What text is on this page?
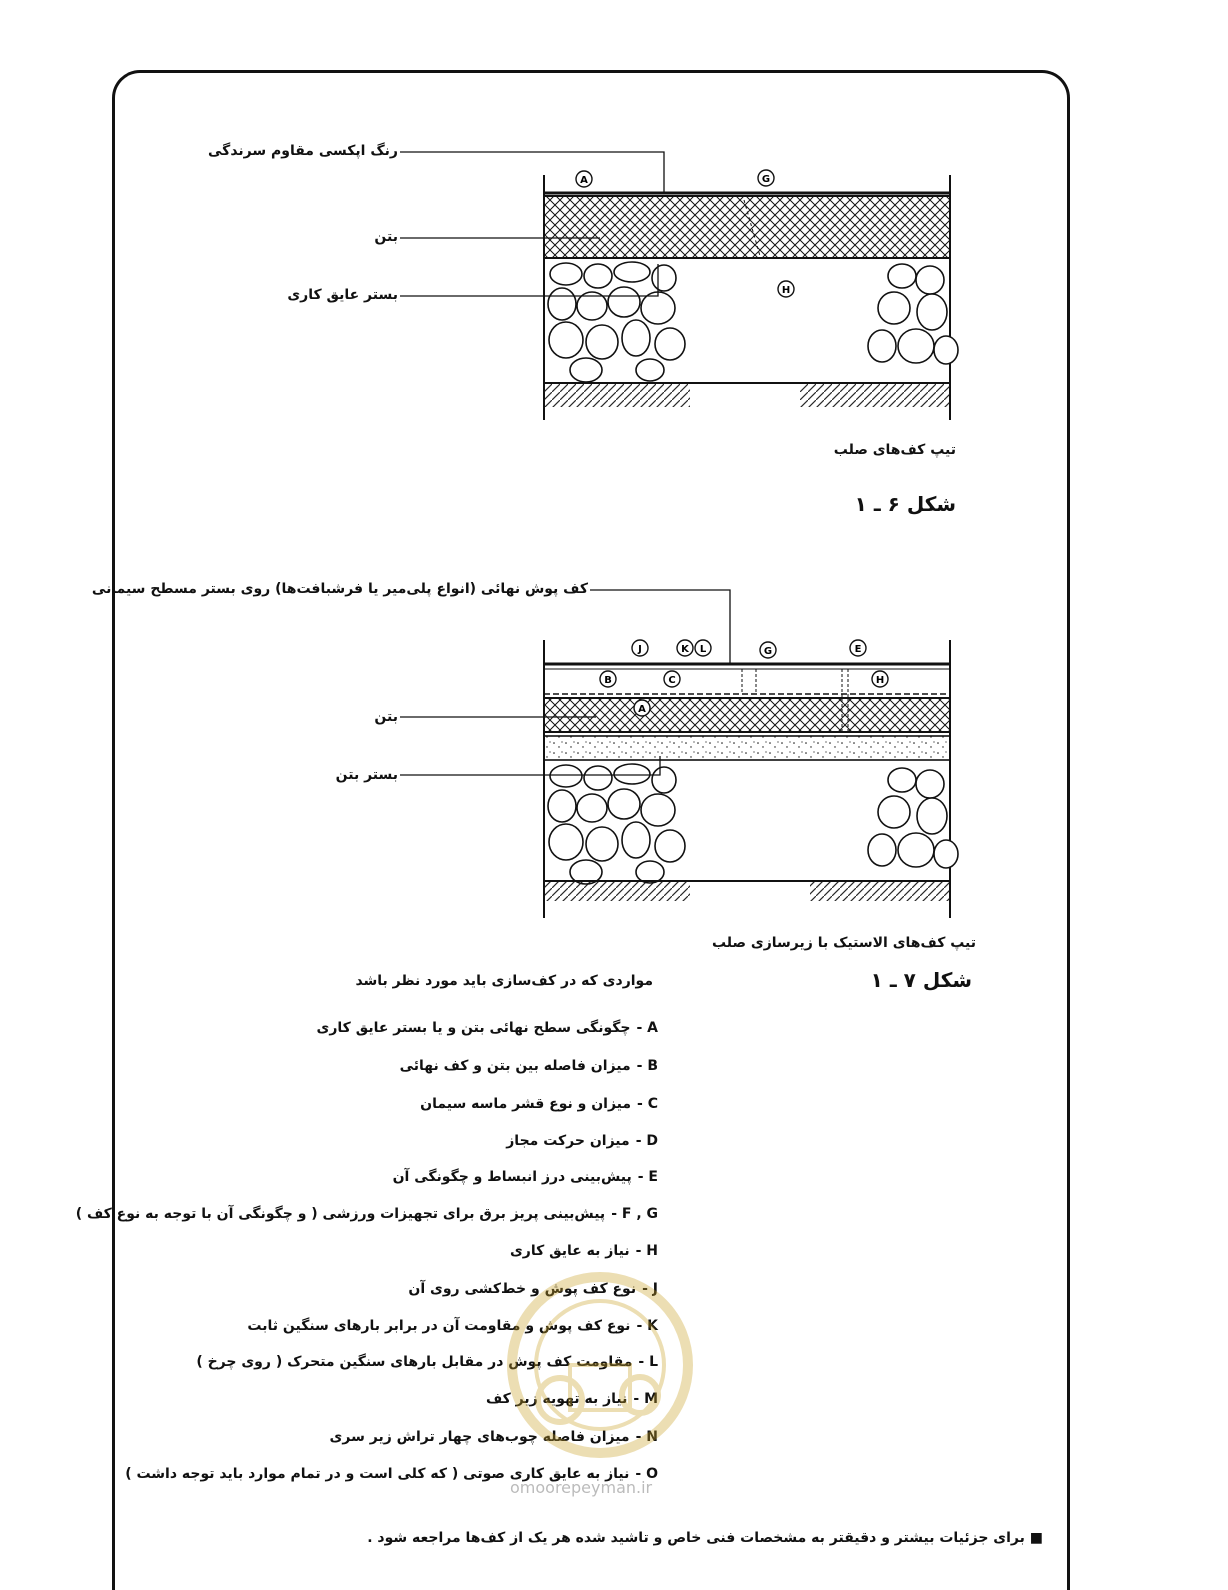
A	G
H
J	K L	G	E
B	C	H
A
رنگ اپکسی مقاوم سرندگی
بتن
بستر عایق کاری
تیپ کف‌های صلب
شکل ۶ ـ ۱
کف پوش نهائی (انواع پلی‌میر یا فرشبافت‌ها) روی بستر مسطح سیمانی
بتن
بستر بتن
تیپ کف‌های الاستیک با زیرسازی صلب
شکل ۷ ـ ۱
مواردی که در کف‌سازی باید مورد نظر باشد
A -چگونگی سطح نهائی بتن و یا بستر عایق کاری
B -میزان فاصله بین بتن و کف نهائی
C -میزان و نوع قشر ماسه سیمان
D -میزان حرکت مجاز
E -پیش‌بینی درز انبساط و چگونگی آن
F , G -پیش‌بینی پریز برق برای تجهیزات ورزشی ( و چگونگی آن با توجه به نوع کف )
H -نیاز به عایق کاری
J -نوع کف پوش و خط‌کشی روی آن
K -نوع کف پوش و مقاومت آن در برابر بارهای سنگین ثابت
L -مقاومت کف پوش در مقابل بارهای سنگین متحرک ( روی چرخ )
M -نیاز به تهویه زیر کف
N -میزان فاصله چوب‌های چهار تراش زیر سری
O -نیاز به عایق کاری صوتی ( که کلی است و در تمام موارد باید توجه داشت )
omoorepeyman.ir
■ برای جزئیات بیشتر و دقیقتر به مشخصات فنی خاص و تاشید شده هر یک از کف‌ها مراجعه شود .
